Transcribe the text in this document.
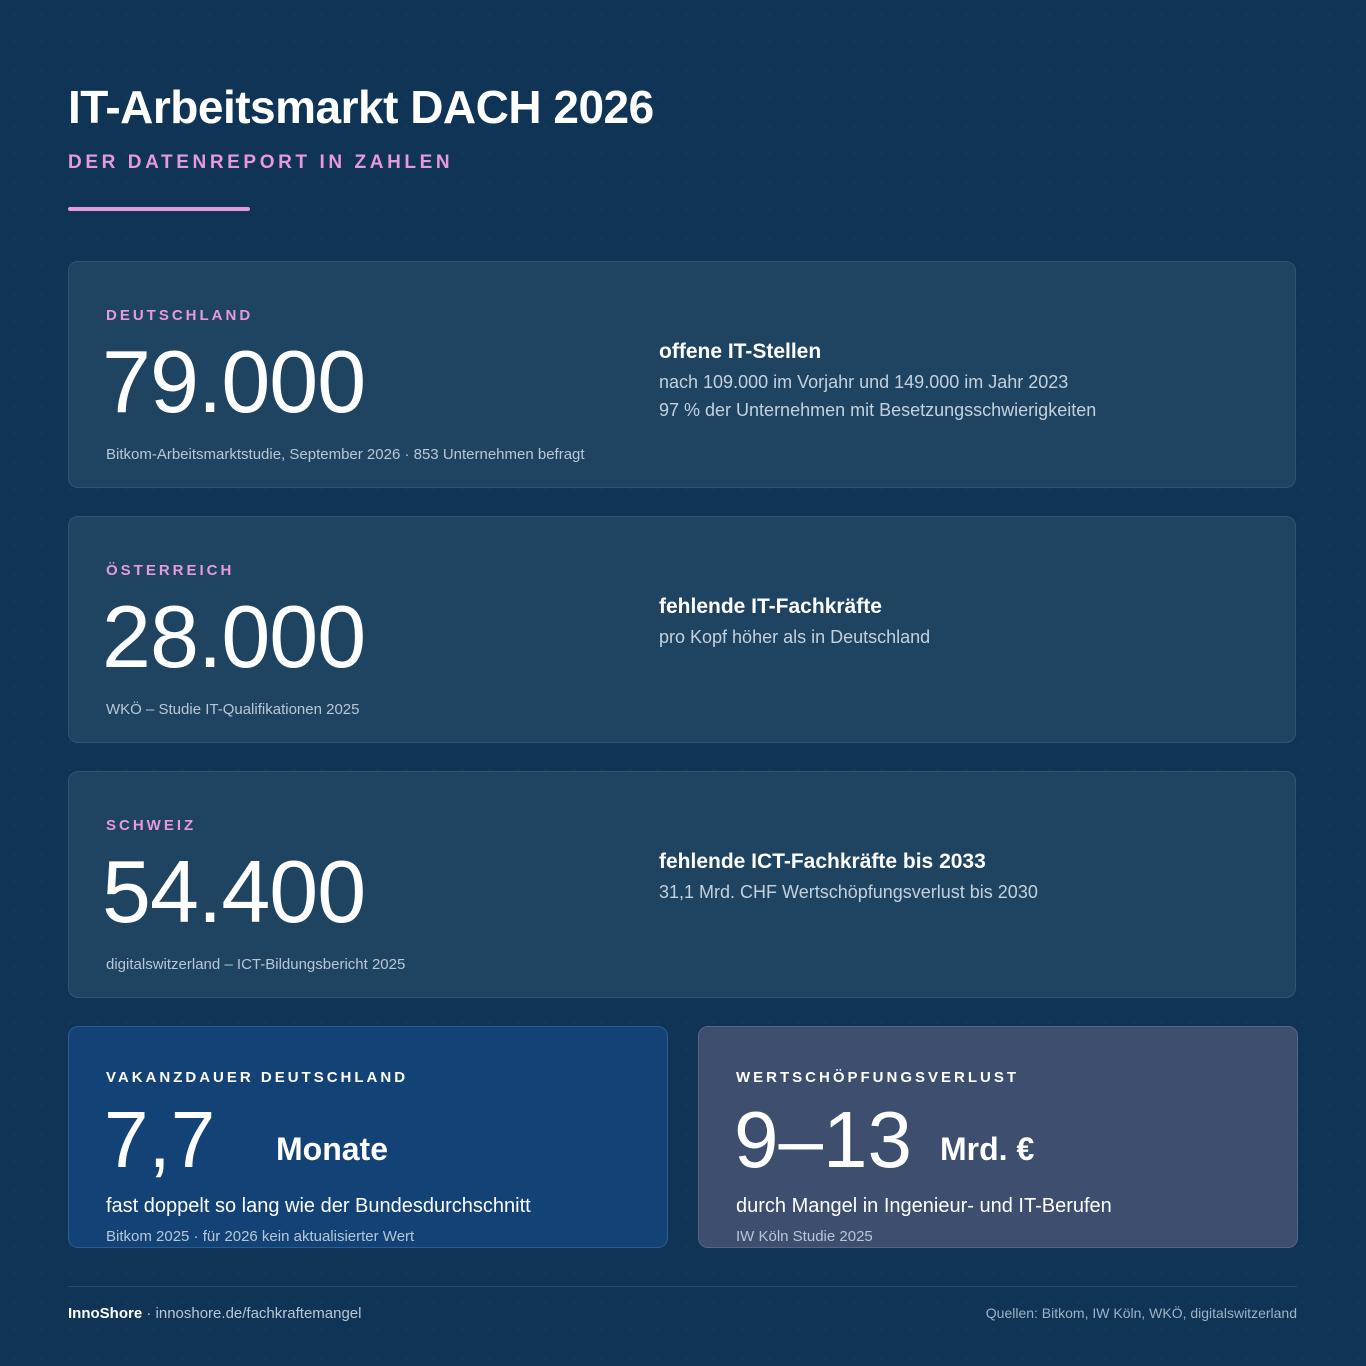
IT-Arbeitsmarkt DACH 2026
DER DATENREPORT IN ZAHLEN
DEUTSCHLAND
79.000
Bitkom-Arbeitsmarktstudie, September 2026 · 853 Unternehmen befragt
offene IT-Stellen
nach 109.000 im Vorjahr und 149.000 im Jahr 2023
97 % der Unternehmen mit Besetzungsschwierigkeiten
ÖSTERREICH
28.000
WKÖ – Studie IT-Qualifikationen 2025
fehlende IT-Fachkräfte
pro Kopf höher als in Deutschland
SCHWEIZ
54.400
digitalswitzerland – ICT-Bildungsbericht 2025
fehlende ICT-Fachkräfte bis 2033
31,1 Mrd. CHF Wertschöpfungsverlust bis 2030
VAKANZDAUER DEUTSCHLAND
7,7 Monate
fast doppelt so lang wie der Bundesdurchschnitt
Bitkom 2025 · für 2026 kein aktualisierter Wert
WERTSCHÖPFUNGSVERLUST
9–13 Mrd. €
durch Mangel in Ingenieur- und IT-Berufen
IW Köln Studie 2025
InnoShore · innoshore.de/fachkraftemangel	Quellen: Bitkom, IW Köln, WKÖ, digitalswitzerland
